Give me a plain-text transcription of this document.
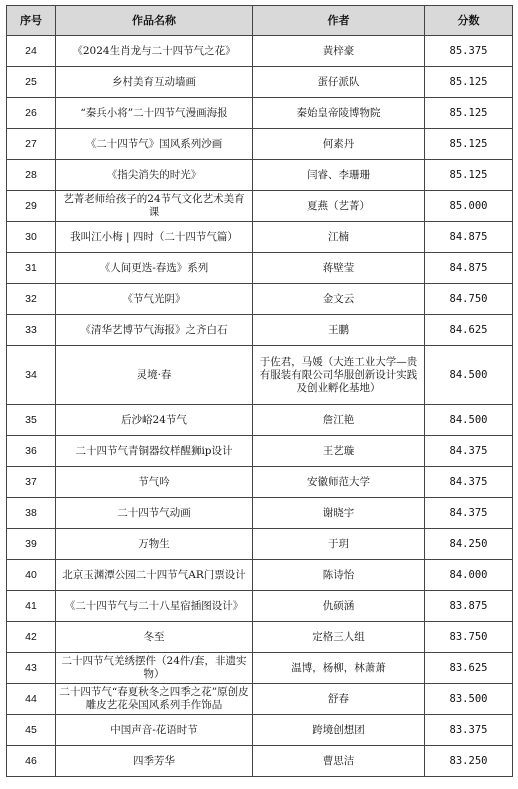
序号	作品名称	作者	分数
24	《2024生肖龙与二十四节气之花》	黄梓豪	85.375
25	乡村美育互动墙画	蛋仔派队	85.125
26	“秦兵小将”二十四节气漫画海报	秦始皇帝陵博物院	85.125
27	《二十四节气》国风系列沙画	何素丹	85.125
28	《指尖消失的时光》	闫睿、李珊珊	85.125
29	艺菁老师给孩子的24节气文化艺术美育课	夏燕（艺菁）	85.000
30	我叫江小梅 | 四时（二十四节气篇）	江楠	84.875
31	《人间更迭-春选》系列	蒋壁莹	84.875
32	《节气光阴》	金文云	84.750
33	《清华艺博节气海报》之齐白石	王鹏	84.625
34	灵境·春	于佐君，马媛（大连工业大学—贵有服装有限公司华服创新设计实践及创业孵化基地）	84.500
35	后沙峪24节气	詹江艳	84.500
36	二十四节气青铜器纹样醒狮ip设计	王艺璇	84.375
37	节气吟	安徽师范大学	84.375
38	二十四节气动画	谢晓宇	84.375
39	万物生	于玥	84.250
40	北京玉渊潭公园二十四节气AR门票设计	陈诗怡	84.000
41	《二十四节气与二十八星宿插图设计》	仇硕涵	83.875
42	冬至	定格三人组	83.750
43	二十四节气羌绣摆件（24件/套，非遗实物）	温博，杨柳，林萧萧	83.625
44	二十四节气“春夏秋冬之四季之花”原创皮雕皮艺花朵国风系列手作饰品	舒春	83.500
45	中国声音-花语时节	跨境创想团	83.375
46	四季芳华	曹思洁	83.250
